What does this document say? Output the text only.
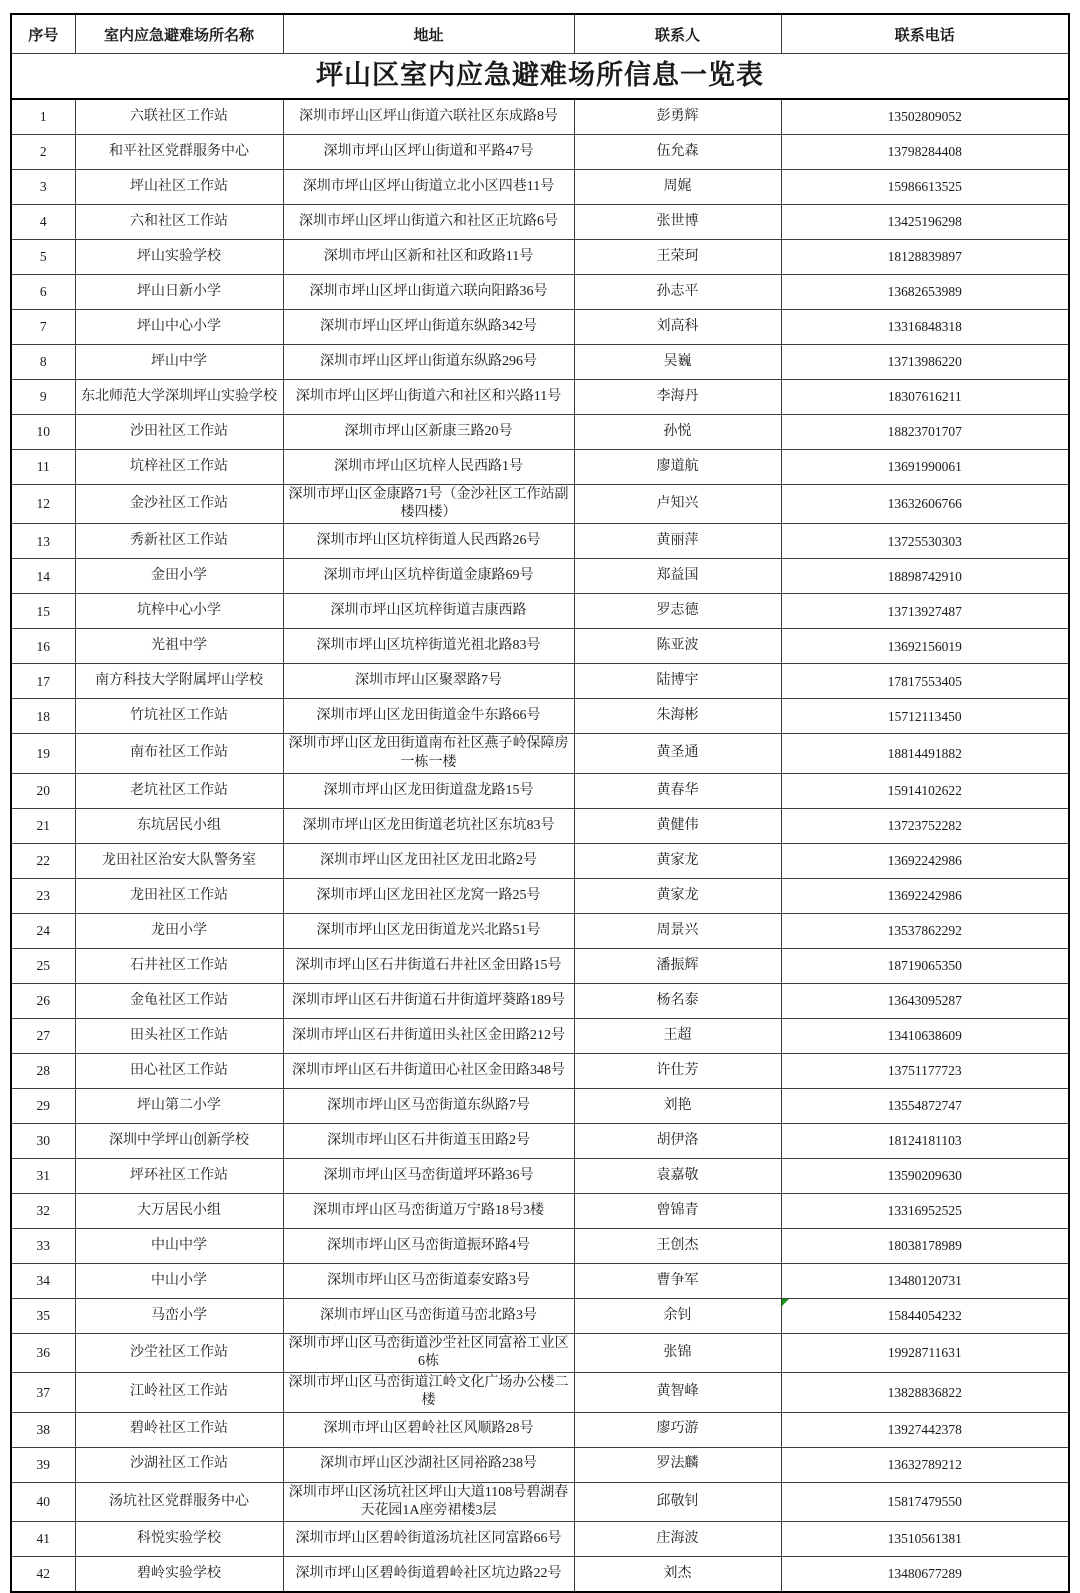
坪山区室内应急避难场所信息一览表				
序号	室内应急避难场所名称	地址	联系人	联系电话
1	六联社区工作站	深圳市坪山区坪山街道六联社区东成路8号	彭勇辉	13502809052
2	和平社区党群服务中心	深圳市坪山区坪山街道和平路47号	伍允森	13798284408
3	坪山社区工作站	深圳市坪山区坪山街道立北小区四巷11号	周娓	15986613525
4	六和社区工作站	深圳市坪山区坪山街道六和社区正坑路6号	张世博	13425196298
5	坪山实验学校	深圳市坪山区新和社区和政路11号	王荣珂	18128839897
6	坪山日新小学	深圳市坪山区坪山街道六联向阳路36号	孙志平	13682653989
7	坪山中心小学	深圳市坪山区坪山街道东纵路342号	刘高科	13316848318
8	坪山中学	深圳市坪山区坪山街道东纵路296号	吴巍	13713986220
9	东北师范大学深圳坪山实验学校	深圳市坪山区坪山街道六和社区和兴路11号	李海丹	18307616211
10	沙田社区工作站	深圳市坪山区新康三路20号	孙悦	18823701707
11	坑梓社区工作站	深圳市坪山区坑梓人民西路1号	廖道航	13691990061
12	金沙社区工作站	深圳市坪山区金康路71号（金沙社区工作站副楼四楼）	卢知兴	13632606766
13	秀新社区工作站	深圳市坪山区坑梓街道人民西路26号	黄丽萍	13725530303
14	金田小学	深圳市坪山区坑梓街道金康路69号	郑益国	18898742910
15	坑梓中心小学	深圳市坪山区坑梓街道吉康西路	罗志德	13713927487
16	光祖中学	深圳市坪山区坑梓街道光祖北路83号	陈亚波	13692156019
17	南方科技大学附属坪山学校	深圳市坪山区聚翠路7号	陆博宇	17817553405
18	竹坑社区工作站	深圳市坪山区龙田街道金牛东路66号	朱海彬	15712113450
19	南布社区工作站	深圳市坪山区龙田街道南布社区燕子岭保障房一栋一楼	黄圣通	18814491882
20	老坑社区工作站	深圳市坪山区龙田街道盘龙路15号	黄春华	15914102622
21	东坑居民小组	深圳市坪山区龙田街道老坑社区东坑83号	黄健伟	13723752282
22	龙田社区治安大队警务室	深圳市坪山区龙田社区龙田北路2号	黄家龙	13692242986
23	龙田社区工作站	深圳市坪山区龙田社区龙窝一路25号	黄家龙	13692242986
24	龙田小学	深圳市坪山区龙田街道龙兴北路51号	周景兴	13537862292
25	石井社区工作站	深圳市坪山区石井街道石井社区金田路15号	潘振辉	18719065350
26	金龟社区工作站	深圳市坪山区石井街道石井街道坪葵路189号	杨名泰	13643095287
27	田头社区工作站	深圳市坪山区石井街道田头社区金田路212号	王超	13410638609
28	田心社区工作站	深圳市坪山区石井街道田心社区金田路348号	许仕芳	13751177723
29	坪山第二小学	深圳市坪山区马峦街道东纵路7号	刘艳	13554872747
30	深圳中学坪山创新学校	深圳市坪山区石井街道玉田路2号	胡伊洛	18124181103
31	坪环社区工作站	深圳市坪山区马峦街道坪环路36号	袁嘉敬	13590209630
32	大万居民小组	深圳市坪山区马峦街道万宁路18号3楼	曾锦青	13316952525
33	中山中学	深圳市坪山区马峦街道振环路4号	王创杰	18038178989
34	中山小学	深圳市坪山区马峦街道泰安路3号	曹争军	13480120731
35	马峦小学	深圳市坪山区马峦街道马峦北路3号	余钊	15844054232

36	沙坣社区工作站	深圳市坪山区马峦街道沙坣社区同富裕工业区6栋	张锦	19928711631
37	江岭社区工作站	深圳市坪山区马峦街道江岭文化广场办公楼二楼	黄智峰	13828836822
38	碧岭社区工作站	深圳市坪山区碧岭社区风顺路28号	廖巧游	13927442378
39	沙湖社区工作站	深圳市坪山区沙湖社区同裕路238号	罗法麟	13632789212
40	汤坑社区党群服务中心	深圳市坪山区汤坑社区坪山大道1108号碧湖春天花园1A座旁裙楼3层	邱敬钊	15817479550
41	科悦实验学校	深圳市坪山区碧岭街道汤坑社区同富路66号	庄海波	13510561381
42	碧岭实验学校	深圳市坪山区碧岭街道碧岭社区坑边路22号	刘杰	13480677289
